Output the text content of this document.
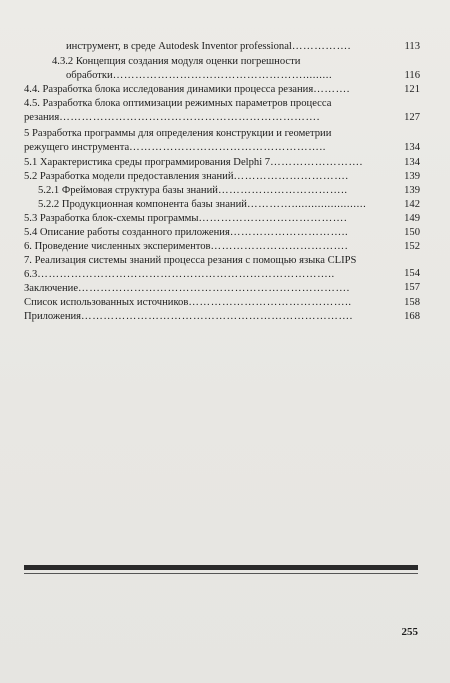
инструмент, в среде Autodesk Inventor professional…………….	113
4.3.2 Концепция создания модуля оценки погрешности
обработки…………………………………………….........	116
4.4. Разработка блока исследования динамики процесса резания……….	121
4.5. Разработка блока оптимизации режимных параметров процесса
резания…………………………………………………………….	127
5 Разработка программы для определения конструкции и геометрии
режущего инструмента……………………………………………..	134
5.1 Характеристика среды программирования Delphi 7…………………….	134
5.2 Разработка модели предоставления знаний………………………….	139
5.2.1 Фреймовая структура базы знаний……………………………..	139
5.2.2 Продукционная компонента базы знаний………….......................	142
5.3 Разработка блок-схемы программы………………………………….	149
5.4 Описание работы созданного приложения…………………………..	150
6. Проведение численных экспериментов……………………………….	152
7. Реализация системы знаний процесса резания с помощью языка CLIPS
6.3……………………………………………………………………..	154
Заключение……………………………………………………………….	157
Список использованных источников……………………………………..	158
Приложения……………………………………………………………….	168
255
